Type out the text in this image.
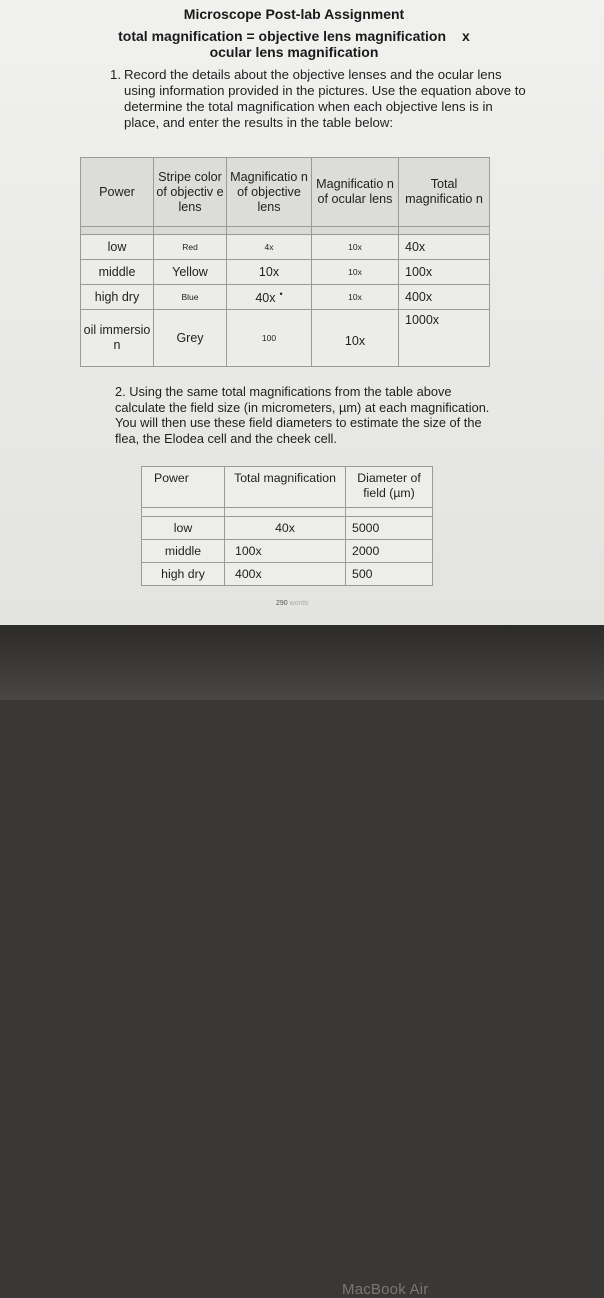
Microscope Post-lab Assignment
total magnification = objective lens magnification x
ocular lens magnification
1. Record the details about the objective lenses and the ocular lens using information provided in the pictures. Use the equation above to determine the total magnification when each objective lens is in place, and enter the results in the table below:
Power	Stripe color of objectiv e lens	Magnificatio n of objective lens	Magnificatio n of ocular lens	Total magnificatio n

low	Red	4x	10x	40x
middle	Yellow	10x	10x	100x
high dry	Blue	40x •	10x	400x
oil immersio n	Grey	100	10x	1000x
2. Using the same total magnifications from the table above calculate the field size (in micrometers, µm) at each magnification. You will then use these field diameters to estimate the size of the flea, the Elodea cell and the cheek cell.
Power	Total magnification	Diameter of field (µm)

low	40x	5000
middle	100x	2000
high dry	400x	500
290 words
MacBook Air
